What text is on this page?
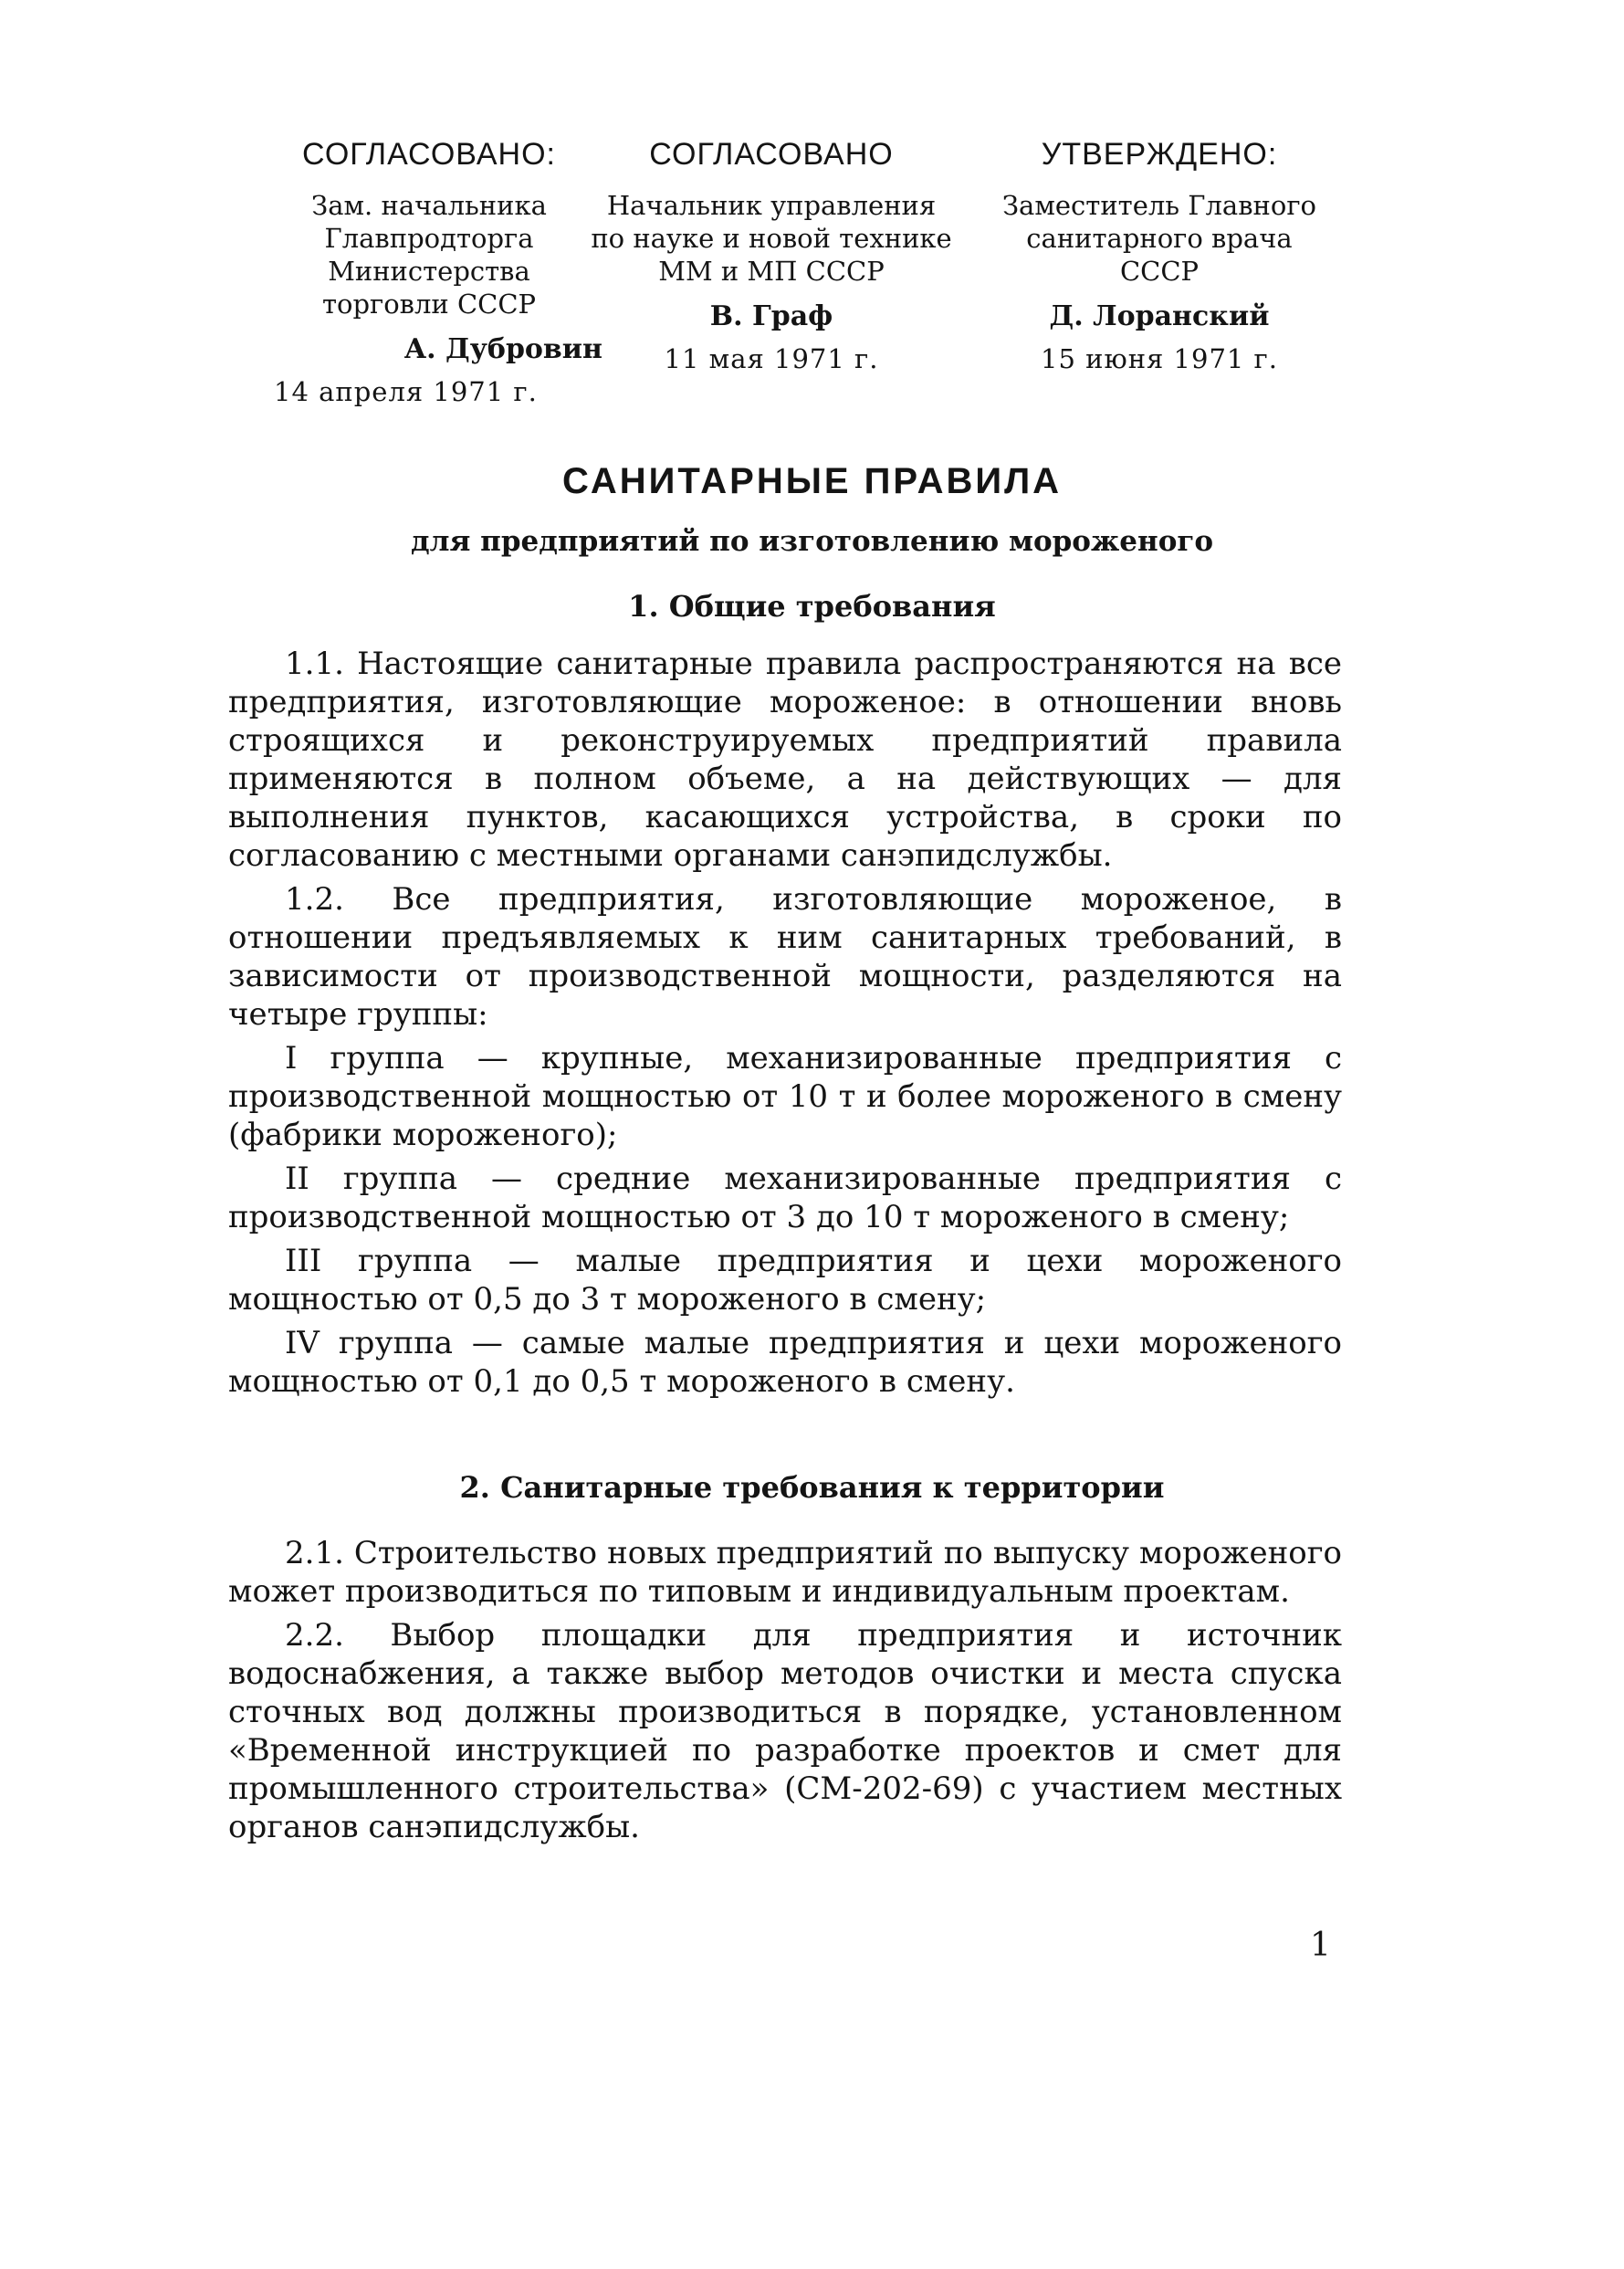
СОГЛАСОВАНО:
Зам. начальника
Главпродторга
Министерства
торговли СССР
А. Дубровин
14 апреля 1971 г.
СОГЛАСОВАНО
Начальник управления
по науке и новой технике
ММ и МП СССР
В. Граф
11 мая 1971 г.
УТВЕРЖДЕНО:
Заместитель Главного
санитарного врача
СССР
Д. Лоранский
15 июня 1971 г.
САНИТАРНЫЕ ПРАВИЛА
для предприятий по изготовлению мороженого
1. Общие требования

1.1. Настоящие санитарные правила распространяются на все предприятия, изготовляющие мороженое: в отношении вновь строящихся и реконструируемых предприятий правила применяются в полном объеме, а на действующих — для выполнения пунктов, касающихся устройства, в сроки по согласованию с местными органами санэпидслужбы.

1.2. Все предприятия, изготовляющие мороженое, в отношении предъявляемых к ним санитарных требований, в зависимости от производственной мощности, разделяются на четыре группы:

I группа — крупные, механизированные предприятия с производственной мощностью от 10 т и более мороженого в смену (фабрики мороженого);

II группа — средние механизированные предприятия с производственной мощностью от 3 до 10 т мороженого в смену;

III группа — малые предприятия и цехи мороженого мощностью от 0,5 до 3 т мороженого в смену;

IV группа — самые малые предприятия и цехи мороженого мощностью от 0,1 до 0,5 т мороженого в смену.

2. Санитарные требования к территории

2.1. Строительство новых предприятий по выпуску мороженого может производиться по типовым и индивидуальным проектам.

2.2. Выбор площадки для предприятия и источник водоснабжения, а также выбор методов очистки и места спуска сточных вод должны производиться в порядке, установленном «Временной инструкцией по разработке проектов и смет для промышленного строительства» (СМ-202-69) с участием местных органов санэпидслужбы.

1
